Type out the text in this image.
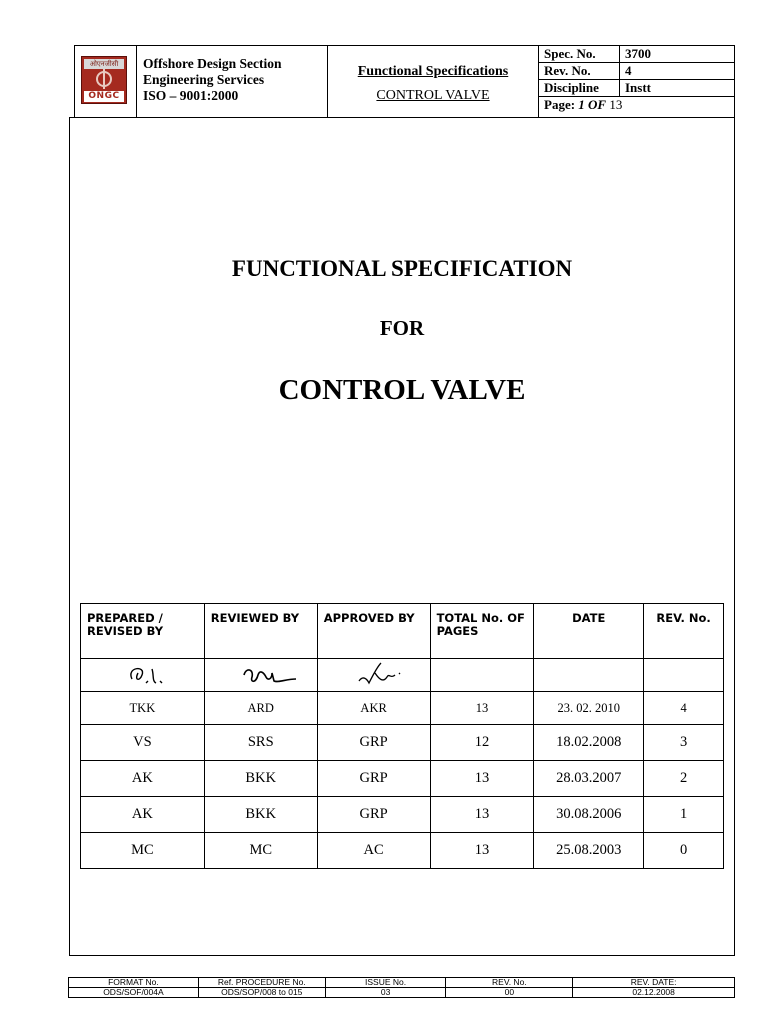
ओएनजीसी
ONGC
Offshore Design Section
Engineering Services
ISO – 9001:2000
Functional Specifications
CONTROL VALVE
Spec. No.	3700
Rev. No.	4
Discipline	Instt
Page: 1 OF 13	
FUNCTIONAL SPECIFICATION
FOR
CONTROL VALVE
PREPARED / REVISED BY	REVIEWED BY	APPROVED BY	TOTAL No. OF PAGES	DATE	REV. No.

TKK	ARD	AKR	13	23. 02. 2010	4
VS	SRS	GRP	12	18.02.2008	3
AK	BKK	GRP	13	28.03.2007	2
AK	BKK	GRP	13	30.08.2006	1
MC	MC	AC	13	25.08.2003	0
FORMAT No.	Ref. PROCEDURE No.	ISSUE No.	REV. No.	REV. DATE:
ODS/SOF/004A	ODS/SOP/008 to 015	03	00	02.12.2008
